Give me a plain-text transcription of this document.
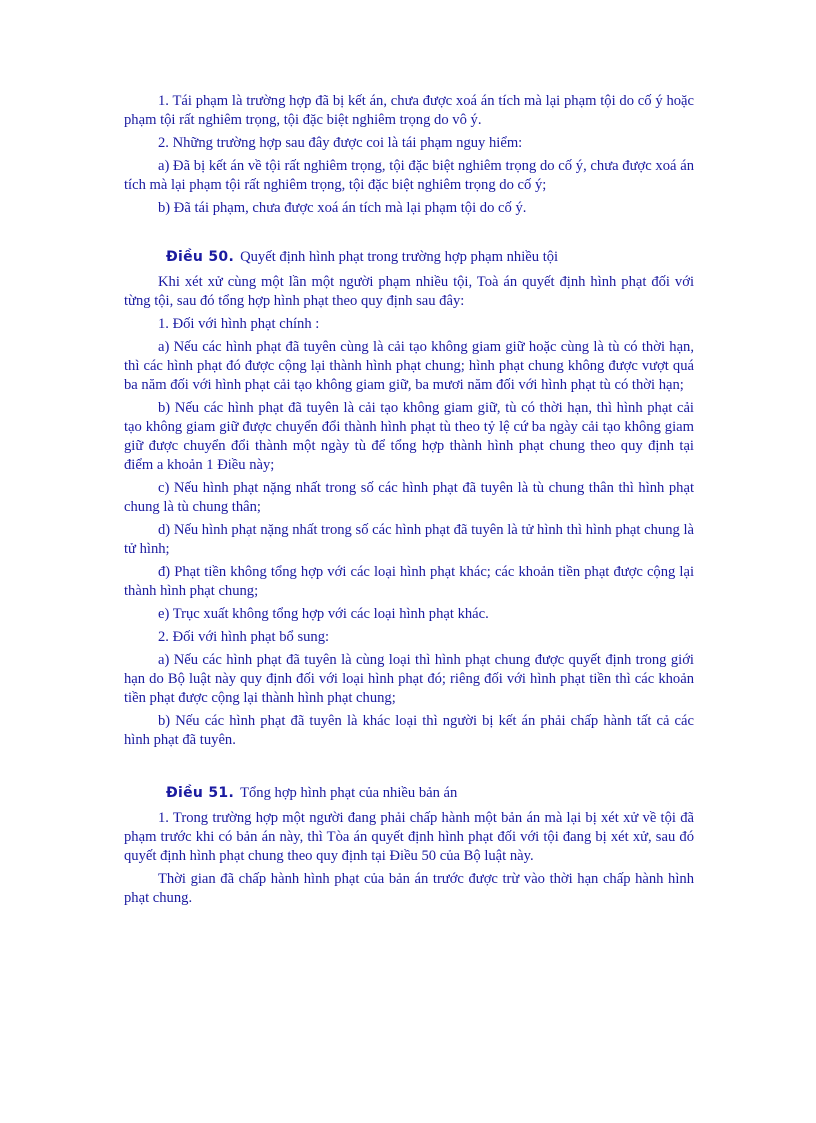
1. Tái phạm là trường hợp đã bị kết án, chưa được xoá án tích mà lại phạm tội do cố ý hoặc phạm tội rất nghiêm trọng, tội đặc biệt nghiêm trọng do vô ý.

2. Những trường hợp sau đây được coi là tái phạm nguy hiểm:

a) Đã bị kết án về tội rất nghiêm trọng, tội đặc biệt nghiêm trọng do cố ý, chưa được xoá án tích mà lại phạm tội rất nghiêm trọng, tội đặc biệt nghiêm trọng do cố ý;

b) Đã tái phạm, chưa được xoá án tích mà lại phạm tội do cố ý.

Điều 50. Quyết định hình phạt trong trường hợp phạm nhiều tội

Khi xét xử cùng một lần một người phạm nhiều tội, Toà án quyết định hình phạt đối với từng tội, sau đó tổng hợp hình phạt theo quy định sau đây:

1. Đối với hình phạt chính :

a) Nếu các hình phạt đã tuyên cùng là cải tạo không giam giữ hoặc cùng là tù có thời hạn, thì các hình phạt đó được cộng lại thành hình phạt chung; hình phạt chung không được vượt quá ba năm đối với hình phạt cải tạo không giam giữ, ba mươi năm đối với hình phạt tù có thời hạn;

b) Nếu các hình phạt đã tuyên là cải tạo không giam giữ, tù có thời hạn, thì hình phạt cải tạo không giam giữ được chuyển đổi thành hình phạt tù theo tỷ lệ cứ ba ngày cải tạo không giam giữ được chuyển đổi thành một ngày tù để tổng hợp thành hình phạt chung theo quy định tại điểm a khoản 1 Điều này;

c) Nếu hình phạt nặng nhất trong số các hình phạt đã tuyên là tù chung thân thì hình phạt chung là tù chung thân;

d) Nếu hình phạt nặng nhất trong số các hình phạt đã tuyên là tử hình thì hình phạt chung là tử hình;

đ) Phạt tiền không tổng hợp với các loại hình phạt khác; các khoản tiền phạt được cộng lại thành hình phạt chung;

e) Trục xuất không tổng hợp với các loại hình phạt khác.

2. Đối với hình phạt bổ sung:

a) Nếu các hình phạt đã tuyên là cùng loại thì hình phạt chung được quyết định trong giới hạn do Bộ luật này quy định đối với loại hình phạt đó; riêng đối với hình phạt tiền thì các khoản tiền phạt được cộng lại thành hình phạt chung;

b) Nếu các hình phạt đã tuyên là khác loại thì người bị kết án phải chấp hành tất cả các hình phạt đã tuyên.

Điều 51. Tổng hợp hình phạt của nhiều bản án

1. Trong trường hợp một người đang phải chấp hành một bản án mà lại bị xét xử về tội đã phạm trước khi có bản án này, thì Tòa án quyết định hình phạt đối với tội đang bị xét xử, sau đó quyết định hình phạt chung theo quy định tại Điều 50 của Bộ luật này.

Thời gian đã chấp hành hình phạt của bản án trước được trừ vào thời hạn chấp hành hình phạt chung.
